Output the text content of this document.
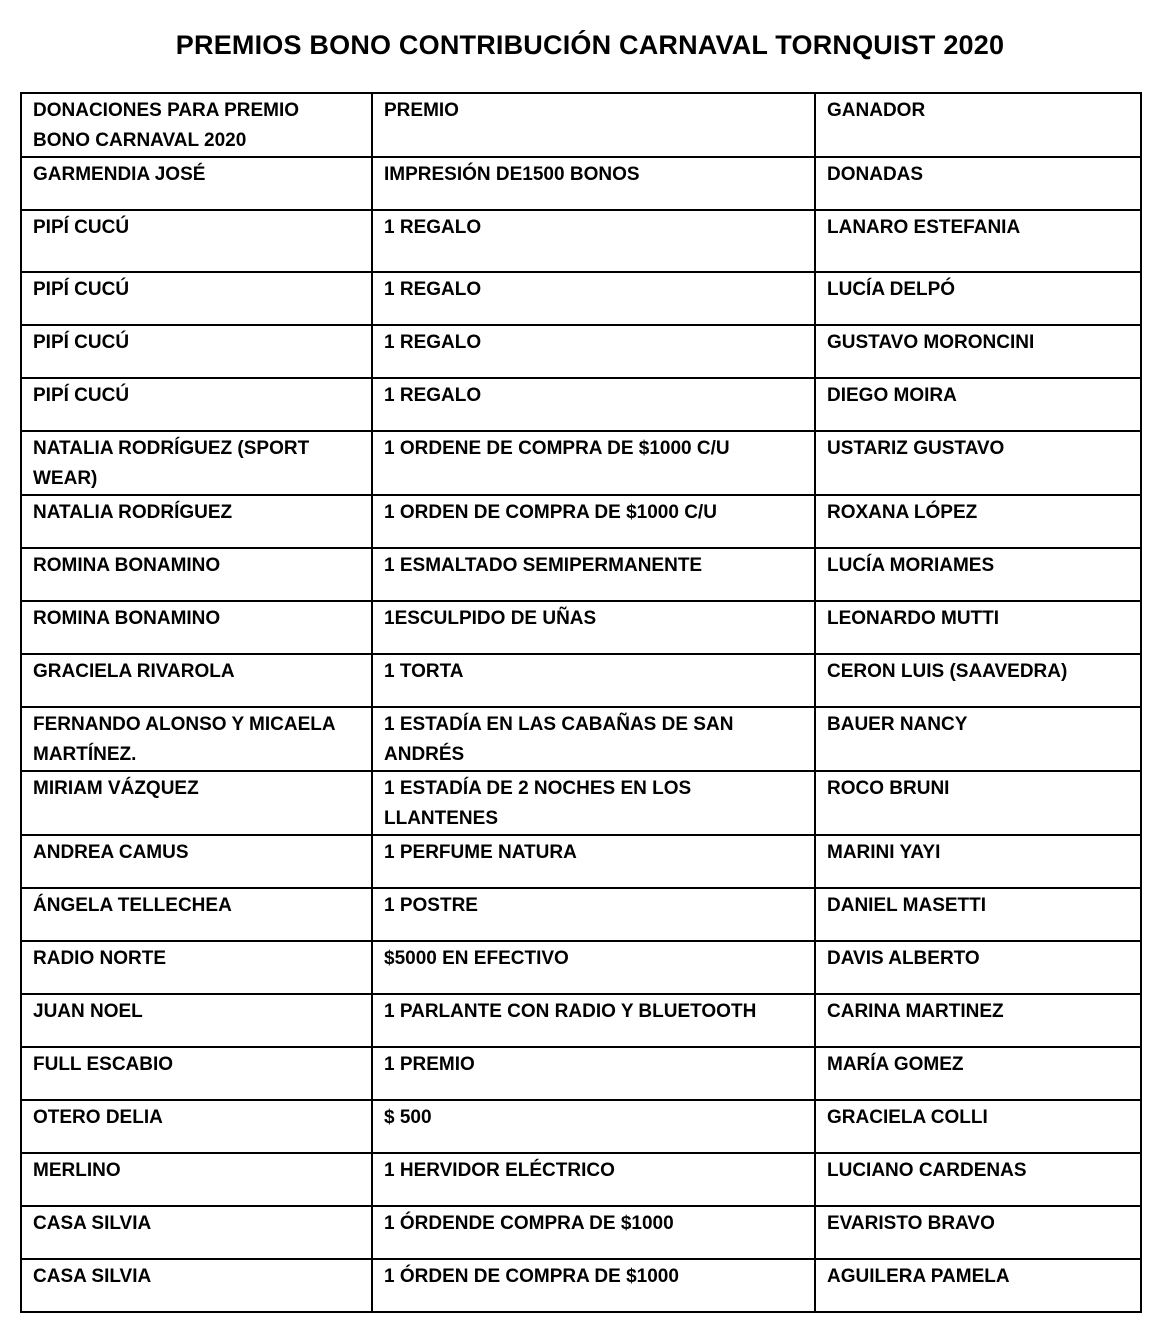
PREMIOS BONO CONTRIBUCIÓN CARNAVAL TORNQUIST 2020
DONACIONES PARA PREMIO BONO CARNAVAL 2020	PREMIO	GANADOR
GARMENDIA JOSÉ	IMPRESIÓN DE1500 BONOS	DONADAS
PIPÍ CUCÚ	1 REGALO	LANARO ESTEFANIA
PIPÍ CUCÚ	1 REGALO	LUCÍA DELPÓ
PIPÍ CUCÚ	1 REGALO	GUSTAVO MORONCINI
PIPÍ CUCÚ	1 REGALO	DIEGO MOIRA
NATALIA RODRÍGUEZ (SPORT WEAR)	1 ORDENE DE COMPRA DE $1000 C/U	USTARIZ GUSTAVO
NATALIA RODRÍGUEZ	1 ORDEN DE COMPRA DE $1000 C/U	ROXANA LÓPEZ
ROMINA BONAMINO	1 ESMALTADO SEMIPERMANENTE	LUCÍA MORIAMES
ROMINA BONAMINO	1ESCULPIDO DE UÑAS	LEONARDO MUTTI
GRACIELA RIVAROLA	1 TORTA	CERON LUIS (SAAVEDRA)
FERNANDO ALONSO Y MICAELA MARTÍNEZ.	1 ESTADÍA EN LAS CABAÑAS DE SAN ANDRÉS	BAUER NANCY
MIRIAM VÁZQUEZ	1 ESTADÍA DE 2 NOCHES EN LOS LLANTENES	ROCO BRUNI
ANDREA CAMUS	1 PERFUME NATURA	MARINI YAYI
ÁNGELA TELLECHEA	1 POSTRE	DANIEL MASETTI
RADIO NORTE	$5000 EN EFECTIVO	DAVIS ALBERTO
JUAN NOEL	1 PARLANTE CON RADIO Y BLUETOOTH	CARINA MARTINEZ
FULL ESCABIO	1 PREMIO	MARÍA GOMEZ
OTERO DELIA	$ 500	GRACIELA COLLI
MERLINO	1 HERVIDOR ELÉCTRICO	LUCIANO CARDENAS
CASA SILVIA	1 ÓRDENDE COMPRA DE $1000	EVARISTO BRAVO
CASA SILVIA	1 ÓRDEN DE COMPRA DE $1000	AGUILERA PAMELA
